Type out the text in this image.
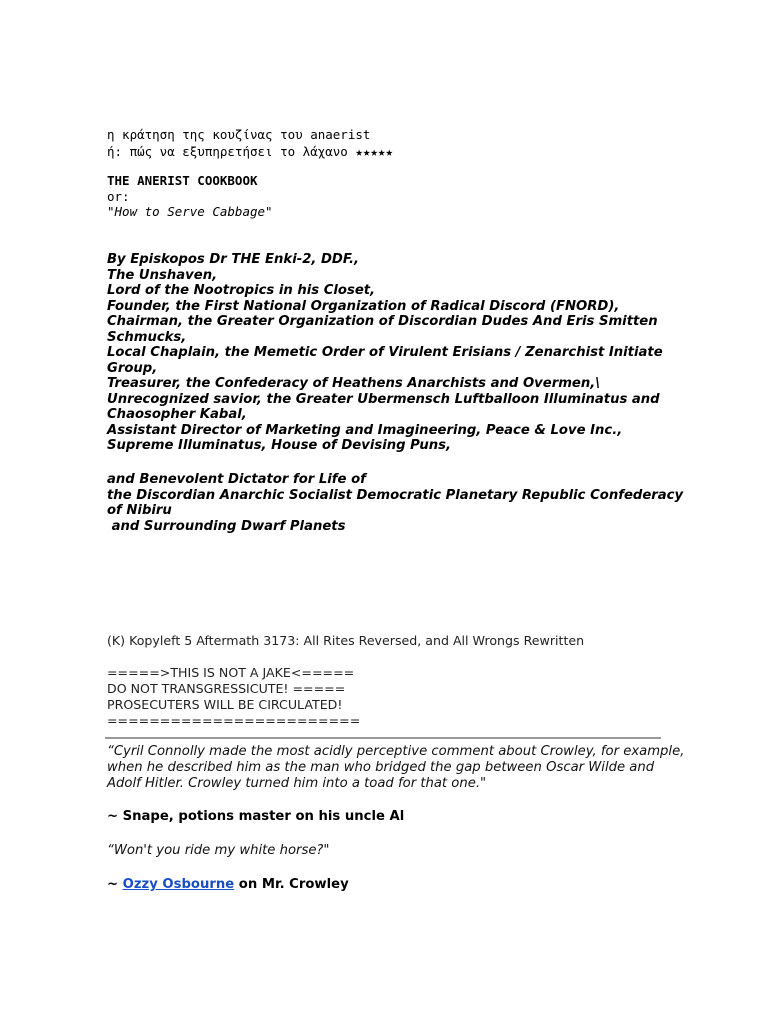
η κράτηση της κουζίνας του anaerist
ή: πώς να εξυπηρετήσει το λάχανο ★★★★★
THE ANERIST COOKBOOK
or:
"How to Serve Cabbage"
By Episkopos Dr THE Enki-2, DDF.,
The Unshaven,
Lord of the Nootropics in his Closet,
Founder, the First National Organization of Radical Discord (FNORD),
Chairman, the Greater Organization of Discordian Dudes And Eris Smitten
Schmucks,
Local Chaplain, the Memetic Order of Virulent Erisians / Zenarchist Initiate
Group,
Treasurer, the Confederacy of Heathens Anarchists and Overmen,\
Unrecognized savior, the Greater Ubermensch Luftballoon Illuminatus and
Chaosopher Kabal,
Assistant Director of Marketing and Imagineering, Peace & Love Inc.,
Supreme Illuminatus, House of Devising Puns,
and Benevolent Dictator for Life of
the Discordian Anarchic Socialist Democratic Planetary Republic Confederacy
of Nibiru
and Surrounding Dwarf Planets
(K) Kopyleft 5 Aftermath 3173: All Rites Reversed, and All Wrongs Rewritten
=====>THIS IS NOT A JAKE<=====
DO NOT TRANSGRESSICUTE! =====
PROSECUTERS WILL BE CIRCULATED!
========================
“Cyril Connolly made the most acidly perceptive comment about Crowley, for example,
when he described him as the man who bridged the gap between Oscar Wilde and
Adolf Hitler. Crowley turned him into a toad for that one."
~ Snape, potions master on his uncle Al
“Won't you ride my white horse?"
~ Ozzy Osbourne on Mr. Crowley
